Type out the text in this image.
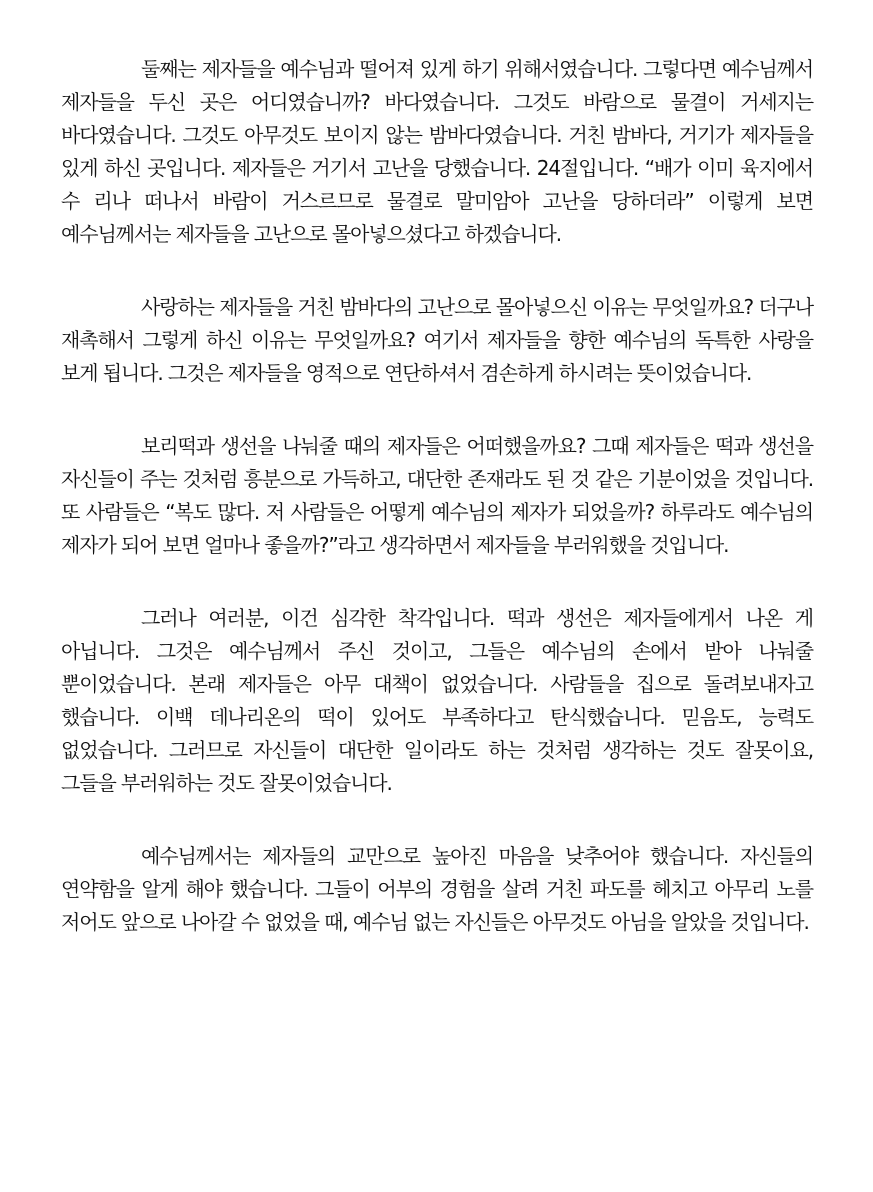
둘째는 제자들을 예수님과 떨어져 있게 하기 위해서였습니다. 그렇다면 예수님께서 제자들을 두신 곳은 어디였습니까? 바다였습니다. 그것도 바람으로 물결이 거세지는 바다였습니다. 그것도 아무것도 보이지 않는 밤바다였습니다. 거친 밤바다, 거기가 제자들을 있게 하신 곳입니다. 제자들은 거기서 고난을 당했습니다. 24절입니다. “배가 이미 육지에서 수 리나 떠나서 바람이 거스르므로 물결로 말미암아 고난을 당하더라” 이렇게 보면 예수님께서는 제자들을 고난으로 몰아넣으셨다고 하겠습니다.

사랑하는 제자들을 거친 밤바다의 고난으로 몰아넣으신 이유는 무엇일까요? 더구나 재촉해서 그렇게 하신 이유는 무엇일까요? 여기서 제자들을 향한 예수님의 독특한 사랑을 보게 됩니다. 그것은 제자들을 영적으로 연단하셔서 겸손하게 하시려는 뜻이었습니다.

보리떡과 생선을 나눠줄 때의 제자들은 어떠했을까요? 그때 제자들은 떡과 생선을 자신들이 주는 것처럼 흥분으로 가득하고, 대단한 존재라도 된 것 같은 기분이었을 것입니다. 또 사람들은 “복도 많다. 저 사람들은 어떻게 예수님의 제자가 되었을까? 하루라도 예수님의 제자가 되어 보면 얼마나 좋을까?”라고 생각하면서 제자들을 부러워했을 것입니다.

그러나 여러분, 이건 심각한 착각입니다. 떡과 생선은 제자들에게서 나온 게 아닙니다. 그것은 예수님께서 주신 것이고, 그들은 예수님의 손에서 받아 나눠줄 뿐이었습니다. 본래 제자들은 아무 대책이 없었습니다. 사람들을 집으로 돌려보내자고 했습니다. 이백 데나리온의 떡이 있어도 부족하다고 탄식했습니다. 믿음도, 능력도 없었습니다. 그러므로 자신들이 대단한 일이라도 하는 것처럼 생각하는 것도 잘못이요, 그들을 부러워하는 것도 잘못이었습니다.

예수님께서는 제자들의 교만으로 높아진 마음을 낮추어야 했습니다. 자신들의 연약함을 알게 해야 했습니다. 그들이 어부의 경험을 살려 거친 파도를 헤치고 아무리 노를 저어도 앞으로 나아갈 수 없었을 때, 예수님 없는 자신들은 아무것도 아님을 알았을 것입니다.
